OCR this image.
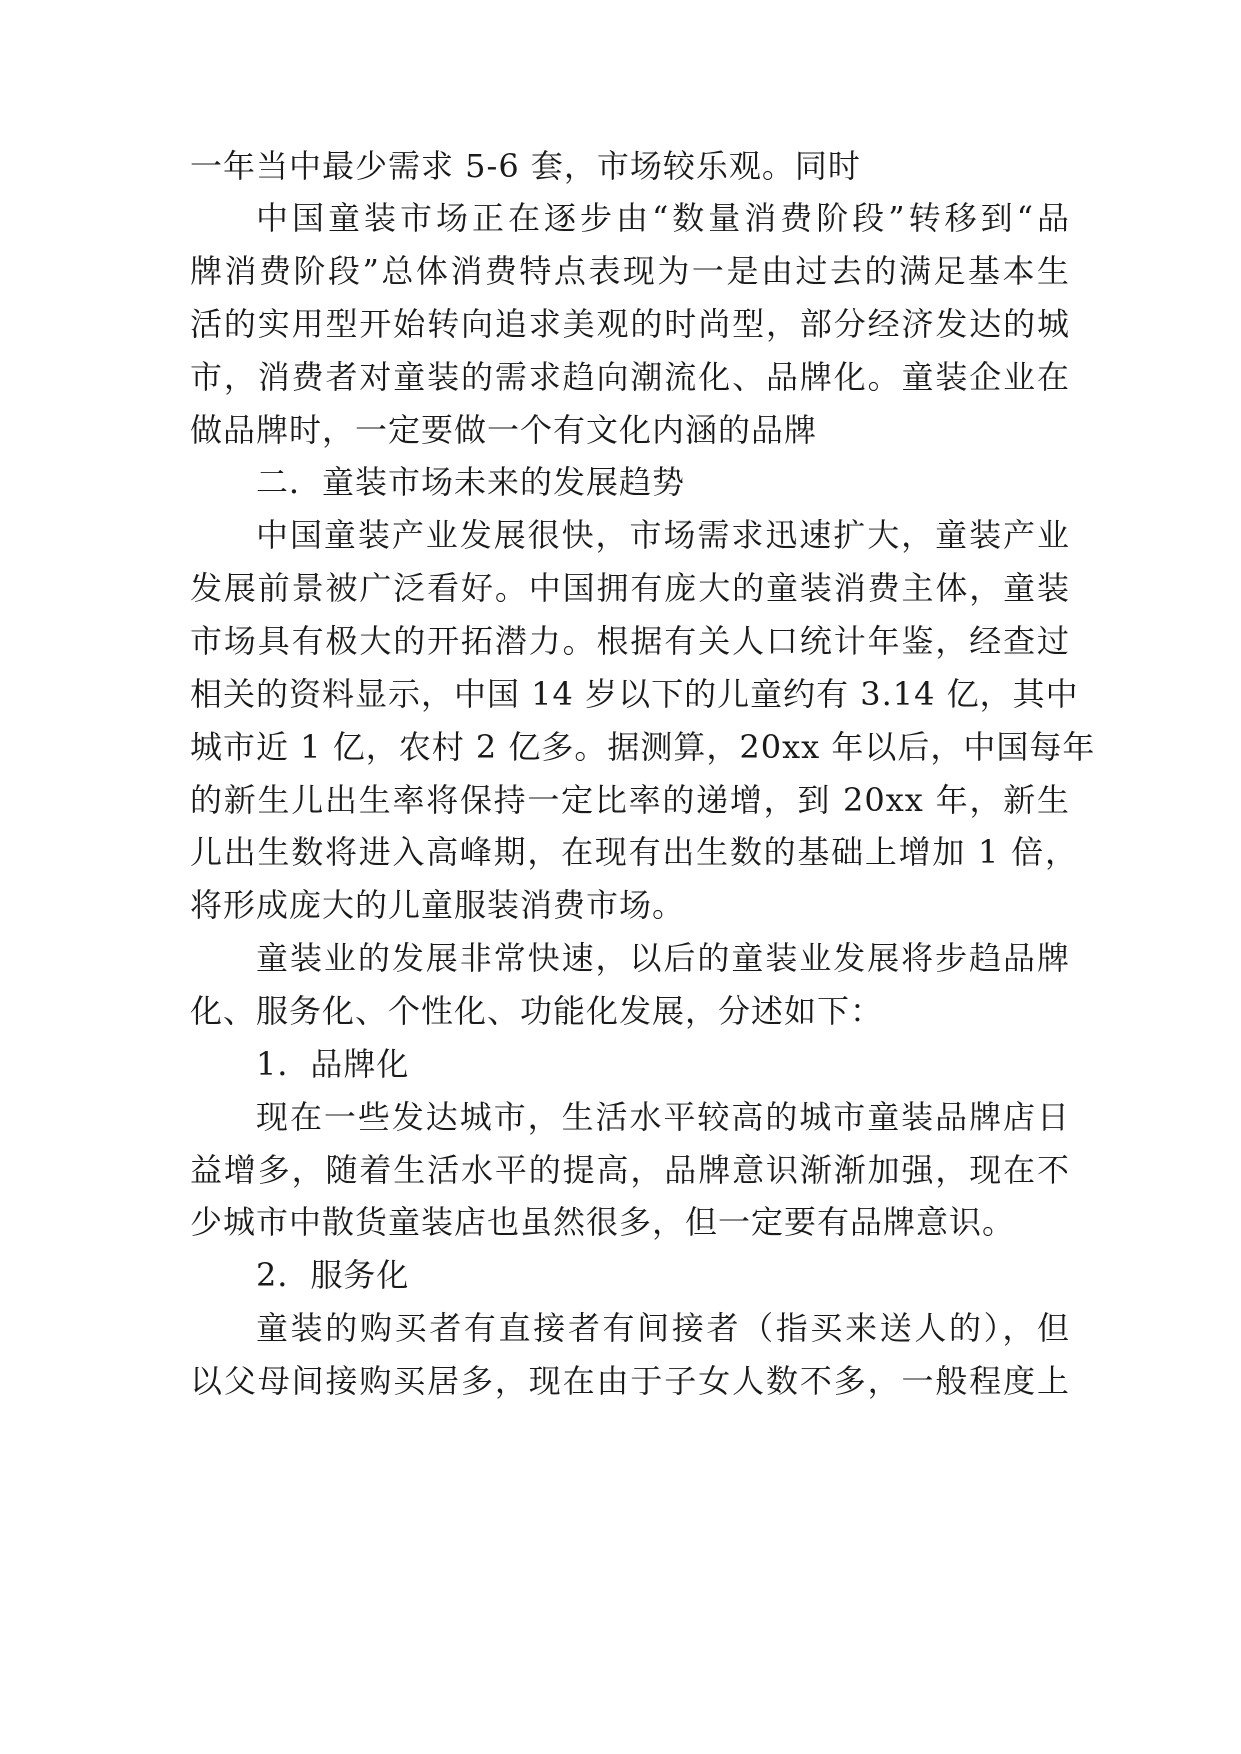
一年当中最少需求 5-6 套，市场较乐观。同时
中国童装市场正在逐步由“数量消费阶段”转移到“品
牌消费阶段”总体消费特点表现为一是由过去的满足基本生
活的实用型开始转向追求美观的时尚型，部分经济发达的城
市，消费者对童装的需求趋向潮流化、品牌化。童装企业在
做品牌时，一定要做一个有文化内涵的品牌
二．童装市场未来的发展趋势
中国童装产业发展很快，市场需求迅速扩大，童装产业
发展前景被广泛看好。中国拥有庞大的童装消费主体，童装
市场具有极大的开拓潜力。根据有关人口统计年鉴，经查过
相关的资料显示，中国 14 岁以下的儿童约有 3.14 亿，其中
城市近 1 亿，农村 2 亿多。据测算，20xx 年以后，中国每年
的新生儿出生率将保持一定比率的递增，到 20xx 年，新生
儿出生数将进入高峰期，在现有出生数的基础上增加 1 倍，
将形成庞大的儿童服装消费市场。
童装业的发展非常快速，以后的童装业发展将步趋品牌
化、服务化、个性化、功能化发展，分述如下：
1．品牌化
现在一些发达城市，生活水平较高的城市童装品牌店日
益增多，随着生活水平的提高，品牌意识渐渐加强，现在不
少城市中散货童装店也虽然很多，但一定要有品牌意识。
2．服务化
童装的购买者有直接者有间接者（指买来送人的），但
以父母间接购买居多，现在由于子女人数不多，一般程度上
